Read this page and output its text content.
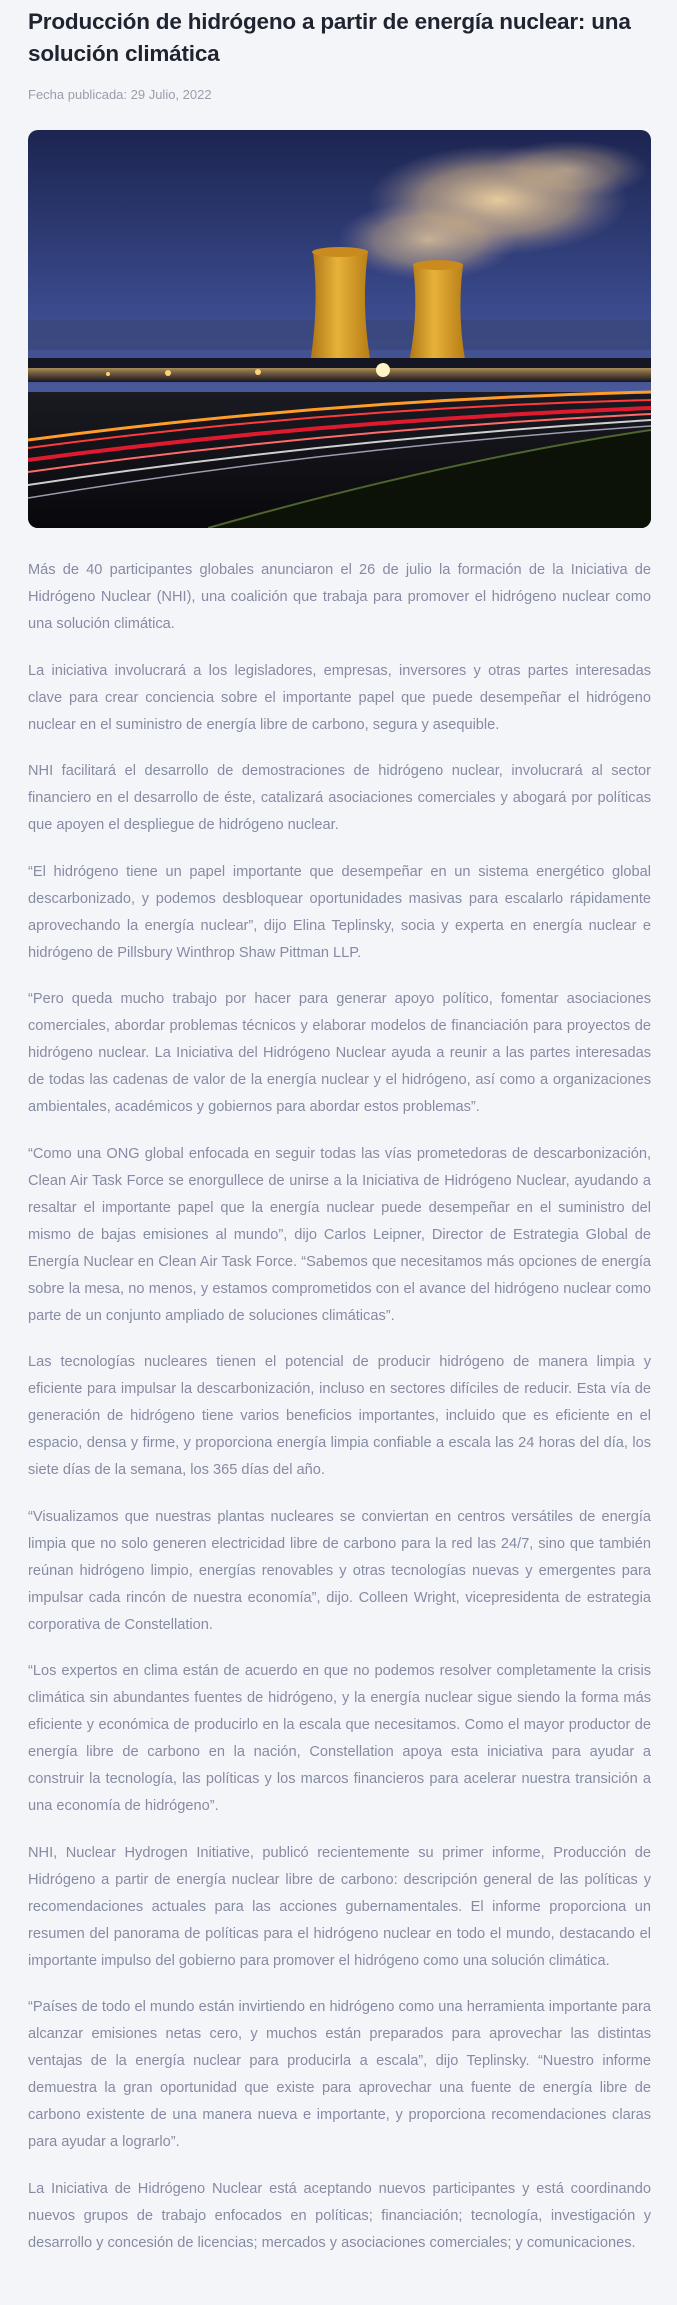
Producción de hidrógeno a partir de energía nuclear: una solución climática
Fecha publicada: 29 Julio, 2022

Más de 40 participantes globales anunciaron el 26 de julio la formación de la Iniciativa de Hidrógeno Nuclear (NHI), una coalición que trabaja para promover el hidrógeno nuclear como una solución climática.

La iniciativa involucrará a los legisladores, empresas, inversores y otras partes interesadas clave para crear conciencia sobre el importante papel que puede desempeñar el hidrógeno nuclear en el suministro de energía libre de carbono, segura y asequible.

NHI facilitará el desarrollo de demostraciones de hidrógeno nuclear, involucrará al sector financiero en el desarrollo de éste, catalizará asociaciones comerciales y abogará por políticas que apoyen el despliegue de hidrógeno nuclear.

“El hidrógeno tiene un papel importante que desempeñar en un sistema energético global descarbonizado, y podemos desbloquear oportunidades masivas para escalarlo rápidamente aprovechando la energía nuclear”, dijo Elina Teplinsky, socia y experta en energía nuclear e hidrógeno de Pillsbury Winthrop Shaw Pittman LLP.

“Pero queda mucho trabajo por hacer para generar apoyo político, fomentar asociaciones comerciales, abordar problemas técnicos y elaborar modelos de financiación para proyectos de hidrógeno nuclear. La Iniciativa del Hidrógeno Nuclear ayuda a reunir a las partes interesadas de todas las cadenas de valor de la energía nuclear y el hidrógeno, así como a organizaciones ambientales, académicos y gobiernos para abordar estos problemas”.

“Como una ONG global enfocada en seguir todas las vías prometedoras de descarbonización, Clean Air Task Force se enorgullece de unirse a la Iniciativa de Hidrógeno Nuclear, ayudando a resaltar el importante papel que la energía nuclear puede desempeñar en el suministro del mismo de bajas emisiones al mundo”, dijo Carlos Leipner, Director de Estrategia Global de Energía Nuclear en Clean Air Task Force. “Sabemos que necesitamos más opciones de energía sobre la mesa, no menos, y estamos comprometidos con el avance del hidrógeno nuclear como parte de un conjunto ampliado de soluciones climáticas”.

Las tecnologías nucleares tienen el potencial de producir hidrógeno de manera limpia y eficiente para impulsar la descarbonización, incluso en sectores difíciles de reducir. Esta vía de generación de hidrógeno tiene varios beneficios importantes, incluido que es eficiente en el espacio, densa y firme, y proporciona energía limpia confiable a escala las 24 horas del día, los siete días de la semana, los 365 días del año.

“Visualizamos que nuestras plantas nucleares se conviertan en centros versátiles de energía limpia que no solo generen electricidad libre de carbono para la red las 24/7, sino que también reúnan hidrógeno limpio, energías renovables y otras tecnologías nuevas y emergentes para impulsar cada rincón de nuestra economía”, dijo. Colleen Wright, vicepresidenta de estrategia corporativa de Constellation.

“Los expertos en clima están de acuerdo en que no podemos resolver completamente la crisis climática sin abundantes fuentes de hidrógeno, y la energía nuclear sigue siendo la forma más eficiente y económica de producirlo en la escala que necesitamos. Como el mayor productor de energía libre de carbono en la nación, Constellation apoya esta iniciativa para ayudar a construir la tecnología, las políticas y los marcos financieros para acelerar nuestra transición a una economía de hidrógeno”.

NHI, Nuclear Hydrogen Initiative, publicó recientemente su primer informe, Producción de Hidrógeno a partir de energía nuclear libre de carbono: descripción general de las políticas y recomendaciones actuales para las acciones gubernamentales. El informe proporciona un resumen del panorama de políticas para el hidrógeno nuclear en todo el mundo, destacando el importante impulso del gobierno para promover el hidrógeno como una solución climática.

“Países de todo el mundo están invirtiendo en hidrógeno como una herramienta importante para alcanzar emisiones netas cero, y muchos están preparados para aprovechar las distintas ventajas de la energía nuclear para producirla a escala”, dijo Teplinsky. “Nuestro informe demuestra la gran oportunidad que existe para aprovechar una fuente de energía libre de carbono existente de una manera nueva e importante, y proporciona recomendaciones claras para ayudar a lograrlo”.

La Iniciativa de Hidrógeno Nuclear está aceptando nuevos participantes y está coordinando nuevos grupos de trabajo enfocados en políticas; financiación; tecnología, investigación y desarrollo y concesión de licencias; mercados y asociaciones comerciales; y comunicaciones.
